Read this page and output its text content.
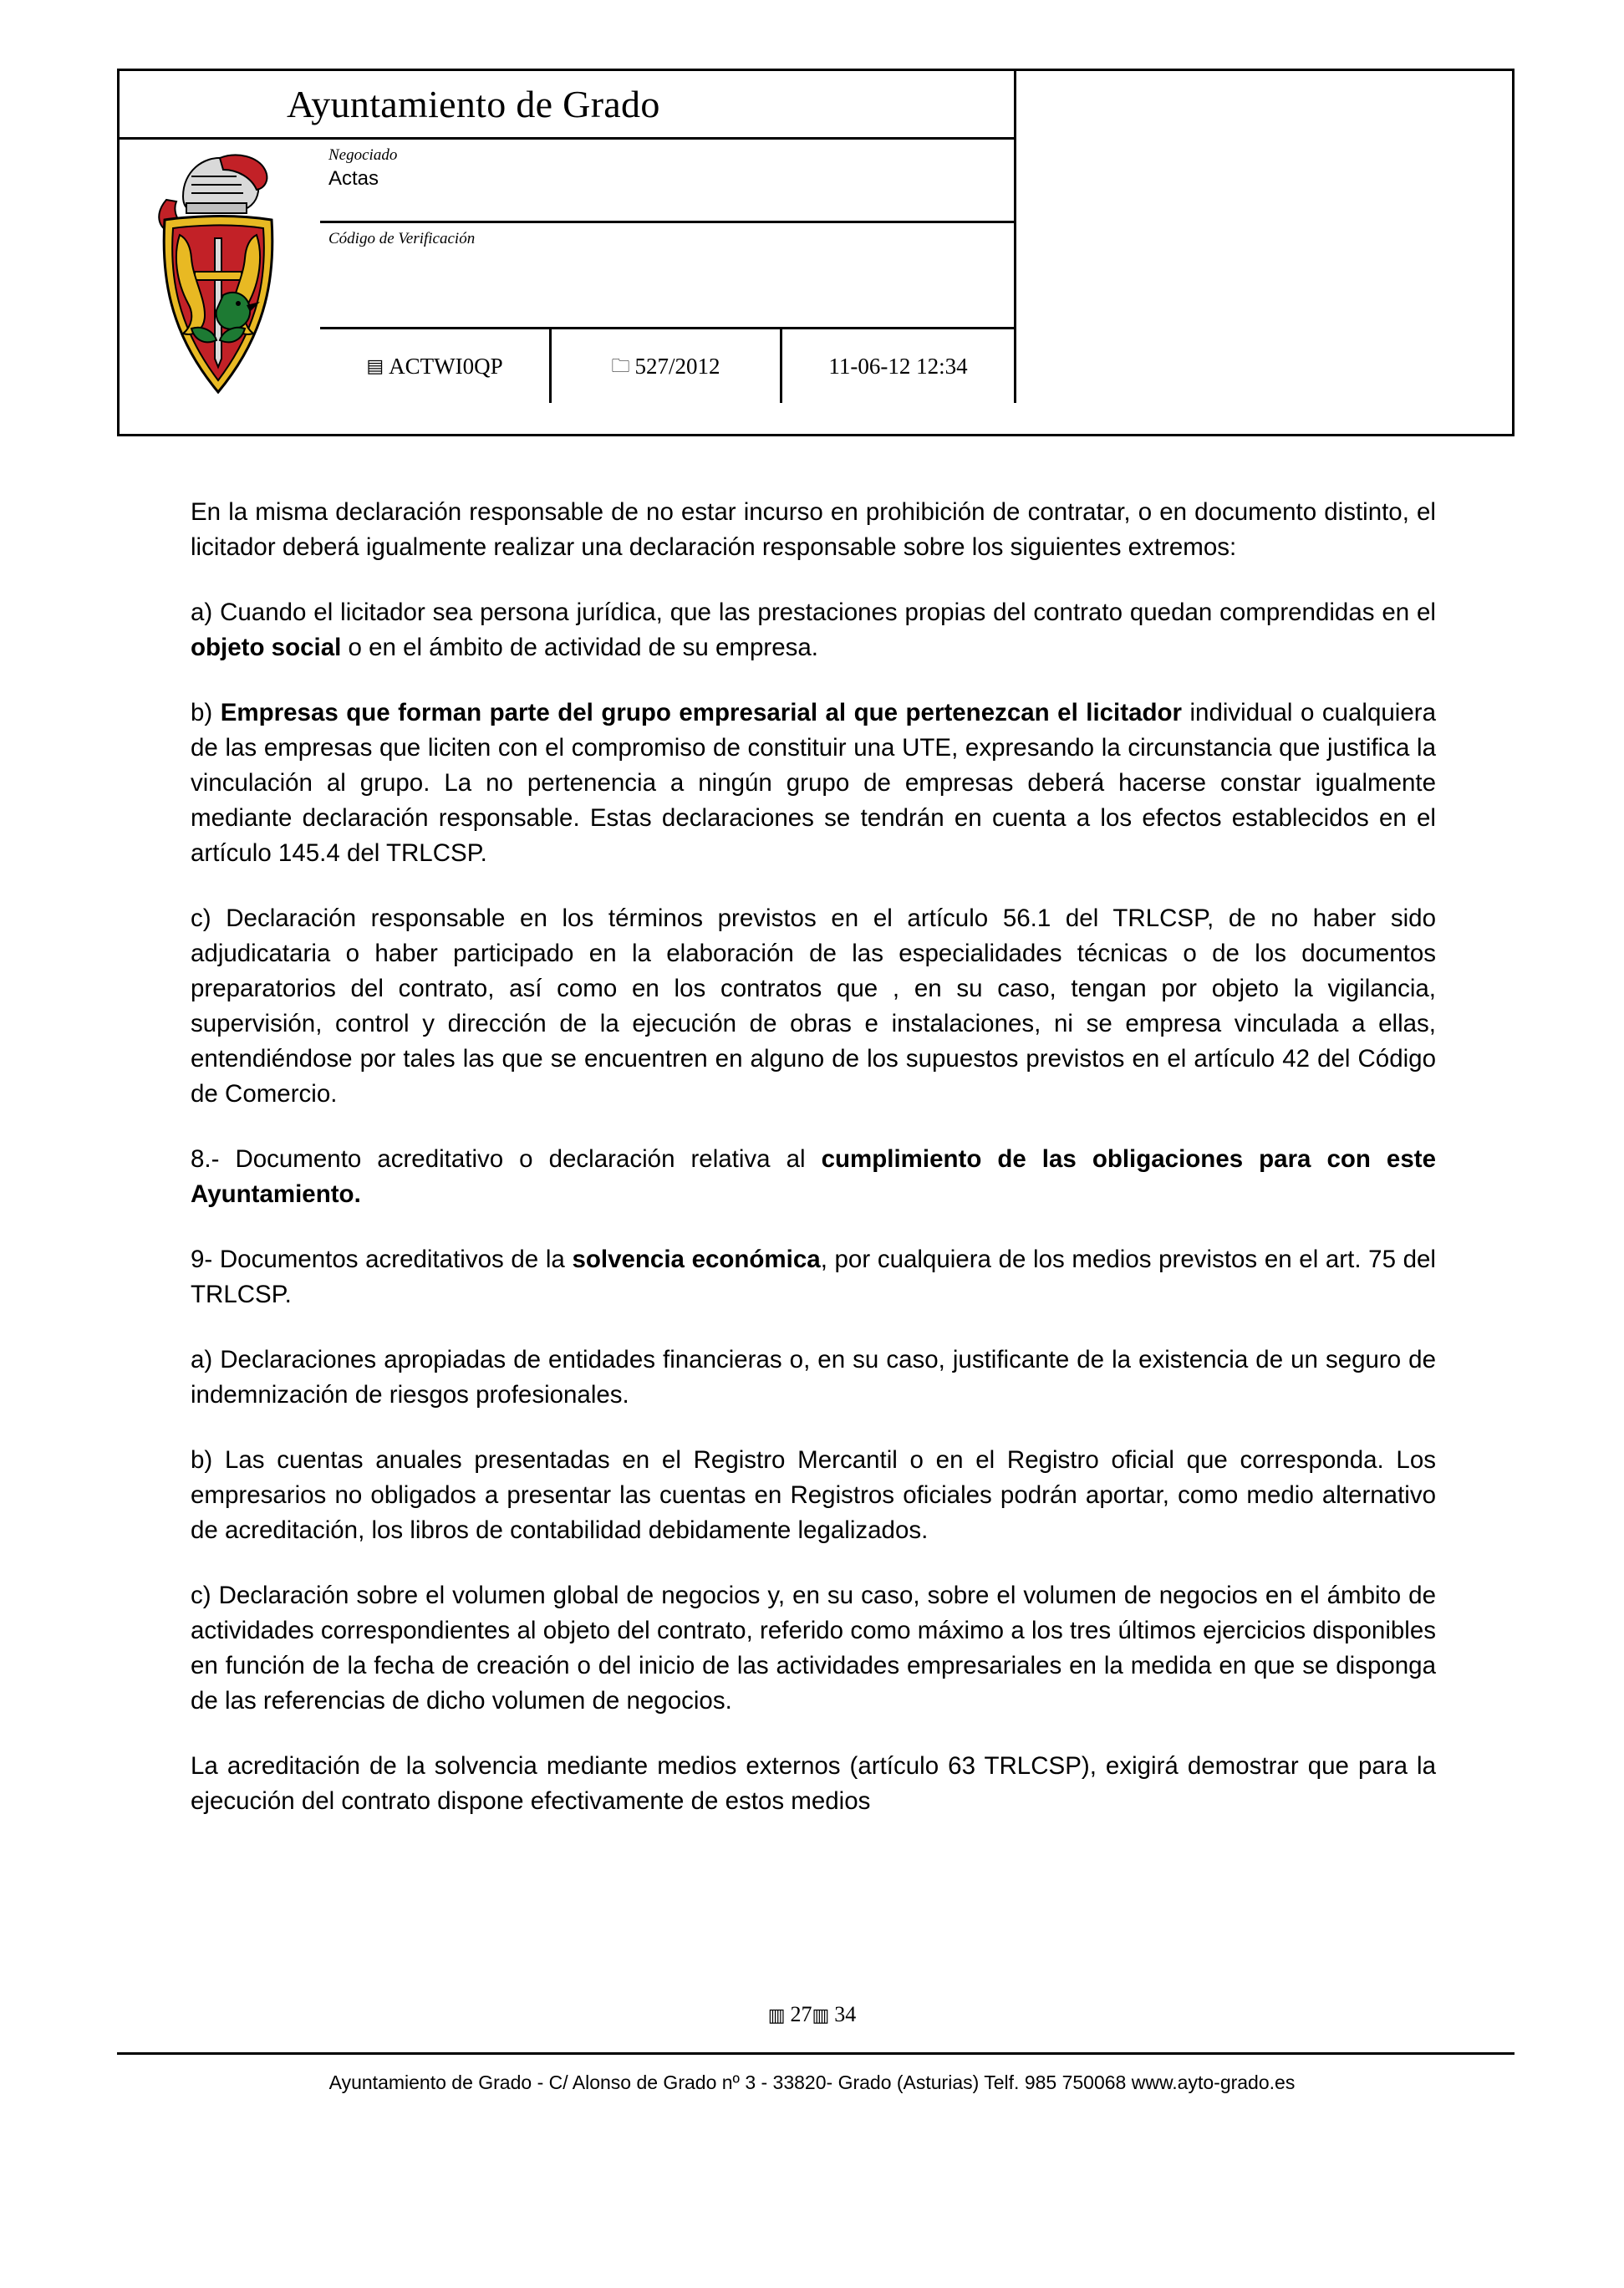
Ayuntamiento de Grado
Negociado
Actas
Código de Verificación
▤ ACTWI0QP	🗀 527/2012	11-06-12 12:34

En la misma declaración responsable de no estar incurso en prohibición de contratar, o en documento distinto, el licitador deberá igualmente realizar una declaración responsable sobre los siguientes extremos:

a) Cuando el licitador sea persona jurídica, que las prestaciones propias del contrato quedan comprendidas en el objeto social o en el ámbito de actividad de su empresa.

b) Empresas que forman parte del grupo empresarial al que pertenezcan el licitador individual o cualquiera de las empresas que liciten con el compromiso de constituir una UTE, expresando la circunstancia que justifica la vinculación al grupo. La no pertenencia a ningún grupo de empresas deberá hacerse constar igualmente mediante declaración responsable. Estas declaraciones se tendrán en cuenta a los efectos establecidos en el artículo 145.4 del TRLCSP.

c) Declaración responsable en los términos previstos en el artículo 56.1 del TRLCSP, de no haber sido adjudicataria o haber participado en la elaboración de las especialidades técnicas o de los documentos preparatorios del contrato, así como en los contratos que , en su caso, tengan por objeto la vigilancia, supervisión, control y dirección de la ejecución de obras e instalaciones, ni se empresa vinculada a ellas, entendiéndose por tales las que se encuentren en alguno de los supuestos previstos en el artículo 42 del Código de Comercio.

8.- Documento acreditativo o declaración relativa al cumplimiento de las obligaciones para con este Ayuntamiento.

9- Documentos acreditativos de la solvencia económica, por cualquiera de los medios previstos en el art. 75 del TRLCSP.

a) Declaraciones apropiadas de entidades financieras o, en su caso, justificante de la existencia de un seguro de indemnización de riesgos profesionales.

b) Las cuentas anuales presentadas en el Registro Mercantil o en el Registro oficial que corresponda. Los empresarios no obligados a presentar las cuentas en Registros oficiales podrán aportar, como medio alternativo de acreditación, los libros de contabilidad debidamente legalizados.

c) Declaración sobre el volumen global de negocios y, en su caso, sobre el volumen de negocios en el ámbito de actividades correspondientes al objeto del contrato, referido como máximo a los tres últimos ejercicios disponibles en función de la fecha de creación o del inicio de las actividades empresariales en la medida en que se disponga de las referencias de dicho volumen de negocios.

La acreditación de la solvencia mediante medios externos (artículo 63 TRLCSP), exigirá demostrar que para la ejecución del contrato dispone efectivamente de estos medios

▥ 27▥ 34
Ayuntamiento de Grado - C/ Alonso de Grado nº 3 - 33820- Grado (Asturias) Telf. 985 750068 www.ayto-grado.es
